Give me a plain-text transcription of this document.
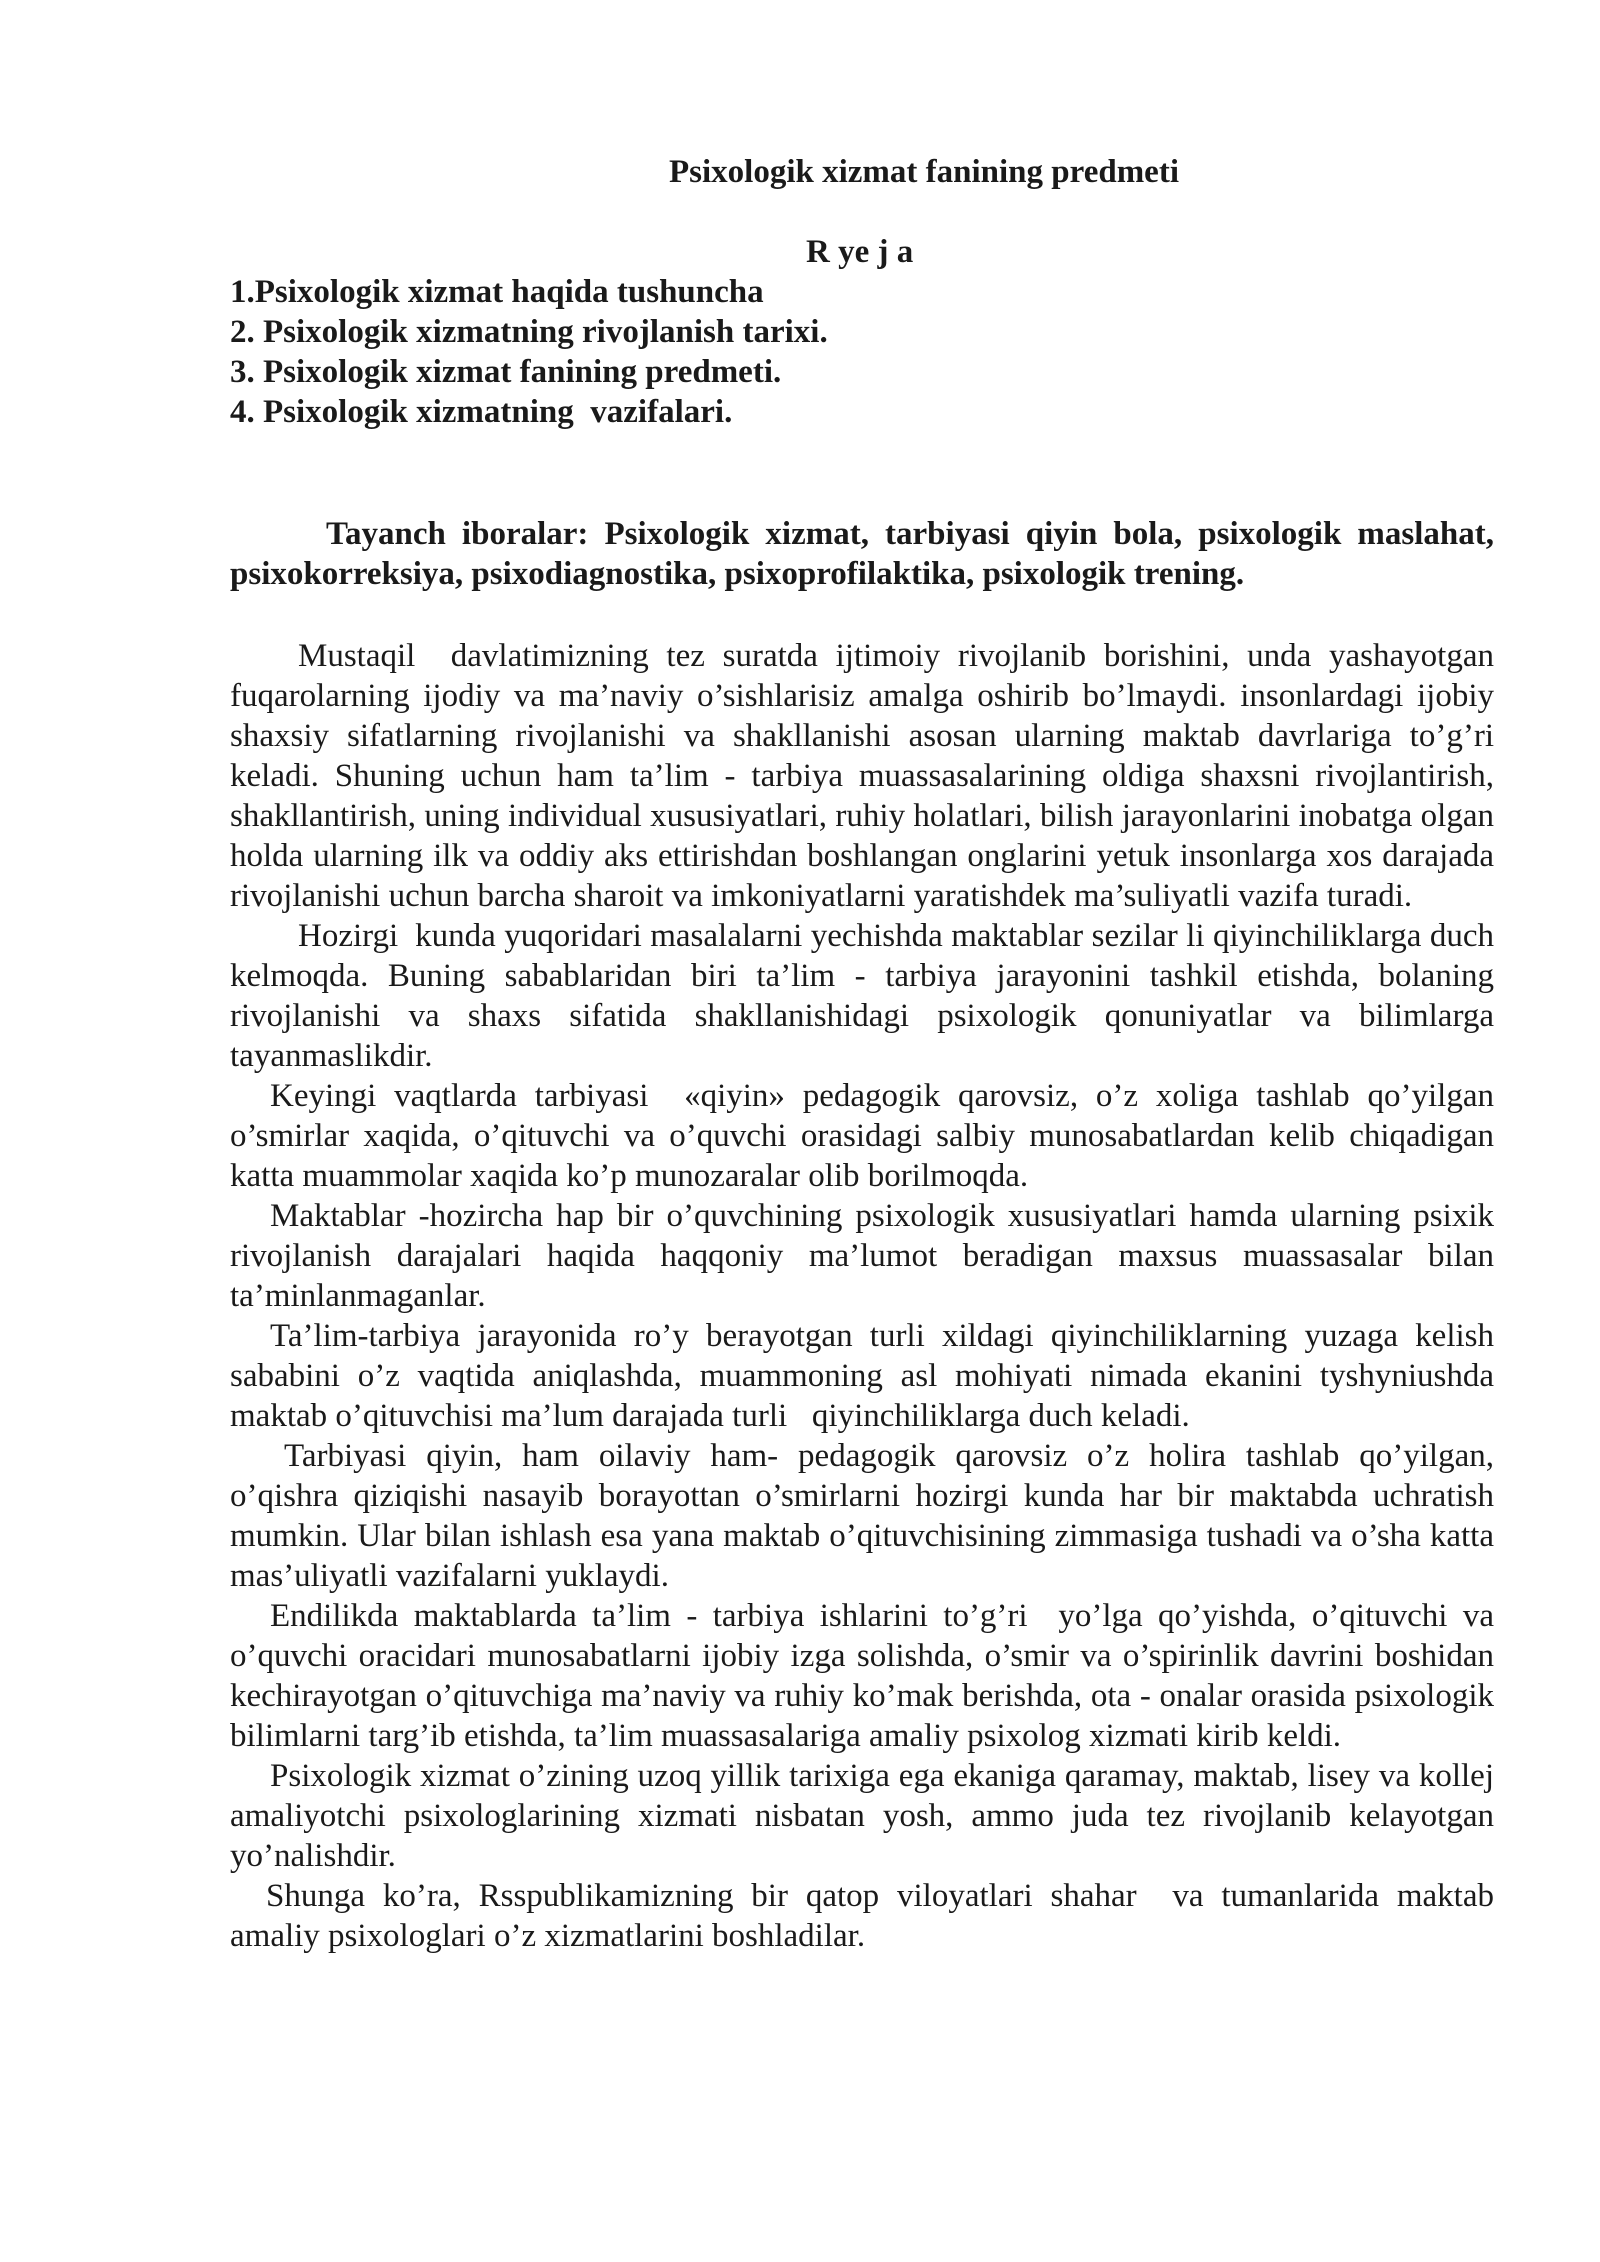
Psixologik xizmat fanining predmeti
R ye j a
1.Psixologik xizmat haqida tushuncha
2. Psixologik xizmatning rivojlanish tarixi.
3. Psixologik xizmat fanining predmeti.
4. Psixologik xizmatning  vazifalari.

Tayanch iboralar: Psixologik xizmat, tarbiyasi qiyin bola, psixologik maslahat, psixokorreksiya, psixodiagnostika, psixoprofilaktika, psixologik trening.

Mustaqil  davlatimizning tez suratda ijtimoiy rivojlanib borishini, unda yashayotgan fuqarolarning ijodiy va ma’naviy o’sishlarisiz amalga oshirib bo’lmaydi. insonlardagi ijobiy shaxsiy sifatlarning rivojlanishi va shakllanishi asosan ularning maktab davrlariga to’g’ri  keladi. Shuning uchun ham ta’lim - tarbiya muassasalarining oldiga shaxsni rivojlantirish, shakllantirish, uning individual xususiyatlari, ruhiy holatlari, bilish jarayonlarini inobatga olgan holda ularning ilk va oddiy aks ettirishdan boshlangan onglarini yetuk insonlarga xos darajada rivojlanishi uchun barcha sharoit va imkoniyatlarni yaratishdek ma’suliyatli vazifa turadi.

Hozirgi  kunda yuqoridari masalalarni yechishda maktablar sezilar li qiyinchiliklarga duch kelmoqda. Buning sabablaridan biri ta’lim - tarbiya jarayonini tashkil etishda, bolaning rivojlanishi va shaxs sifatida shakllanishidagi psixologik qonuniyatlar va bilimlarga    tayanmaslikdir.

Keyingi vaqtlarda tarbiyasi  «qiyin» pedagogik qarovsiz, o’z xoliga tashlab qo’yilgan o’smirlar xaqida, o’qituvchi va o’quvchi orasidagi salbiy munosabatlardan kelib chiqadigan katta muammolar xaqida ko’p munozaralar olib borilmoqda.

Maktablar -hozircha hap bir o’quvchining psixologik xususiyatlari hamda ularning psixik rivojlanish darajalari haqida haqqoniy ma’lumot beradigan maxsus muassasalar bilan ta’minlanmaganlar.

Ta’lim-tarbiya jarayonida ro’y berayotgan turli xildagi qiyinchiliklarning yuzaga kelish sababini o’z vaqtida aniqlashda, muammoning asl mohiyati nimada ekanini tyshyniushda maktab o’qituvchisi ma’lum darajada turli   qiyinchiliklarga duch keladi.

Tarbiyasi qiyin, ham oilaviy ham- pedagogik qarovsiz o’z holira tashlab qo’yilgan, o’qishra qiziqishi nasayib borayottan o’smirlarni hozirgi kunda har bir maktabda uchratish mumkin. Ular bilan ishlash esa yana maktab o’qituvchisining zimmasiga tushadi va o’sha katta mas’uliyatli vazifalarni yuklaydi.

Endilikda maktablarda ta’lim - tarbiya ishlarini to’g’ri  yo’lga qo’yishda, o’qituvchi va o’quvchi oracidari munosabatlarni ijobiy izga solishda, o’smir va o’spirinlik davrini boshidan kechirayotgan o’qituvchiga ma’naviy va ruhiy ko’mak berishda, ota - onalar orasida psixologik bilimlarni targ’ib etishda, ta’lim muassasalariga amaliy psixolog xizmati kirib keldi.

Psixologik xizmat o’zining uzoq yillik tarixiga ega ekaniga qaramay, maktab, lisey va kollej amaliyotchi psixologlarining xizmati nisbatan yosh, ammo juda tez rivojlanib kelayotgan yo’nalishdir.

Shunga ko’ra, Rsspublikamizning bir qatop viloyatlari shahar  va tumanlarida maktab amaliy psixologlari o’z xizmatlarini boshladilar.
